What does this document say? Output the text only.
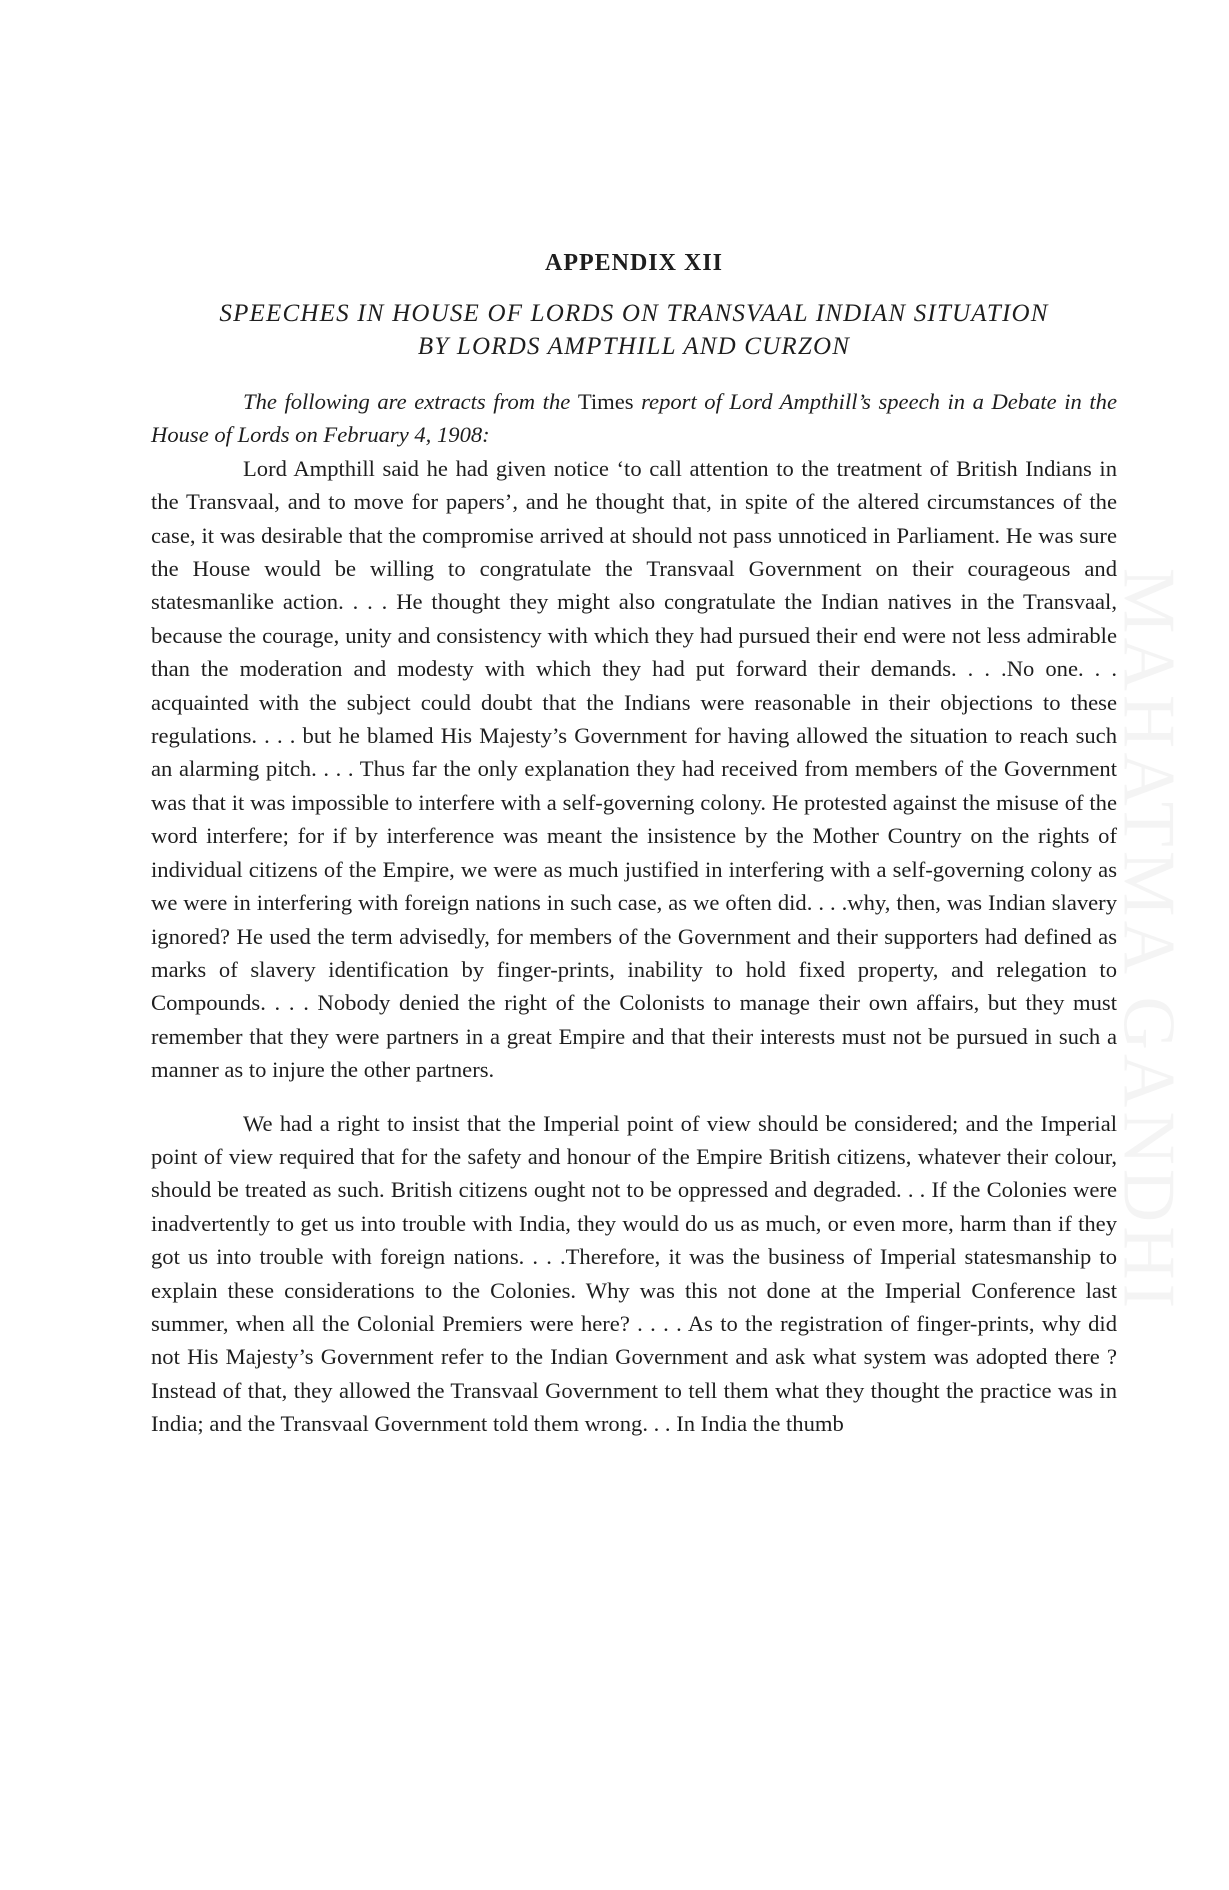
APPENDIX XII
SPEECHES IN HOUSE OF LORDS ON TRANSVAAL INDIAN SITUATION
BY LORDS AMPTHILL AND CURZON

The following are extracts from the Times report of Lord Ampthill’s speech in a Debate in the House of Lords on February 4, 1908:

Lord Ampthill said he had given notice ‘to call attention to the treatment of British Indians in the Transvaal, and to move for papers’, and he thought that, in spite of the altered circumstances of the case, it was desirable that the compromise arrived at should not pass unnoticed in Parliament. He was sure the House would be willing to congratulate the Transvaal Government on their courageous and statesmanlike action. . . . He thought they might also congratulate the Indian natives in the Transvaal, because the courage, unity and consistency with which they had pursued their end were not less admirable than the moderation and modesty with which they had put forward their demands. . . .No one. . . acquainted with the subject could doubt that the Indians were reasonable in their objections to these regulations. . . . but he blamed His Majesty’s Government for having allowed the situation to reach such an alarming pitch. . . . Thus far the only explanation they had received from members of the Government was that it was impossible to interfere with a self-governing colony. He protested against the misuse of the word interfere; for if by interference was meant the insistence by the Mother Country on the rights of individual citizens of the Empire, we were as much justified in interfering with a self-governing colony as we were in interfering with foreign nations in such case, as we often did. . . .why, then, was Indian slavery ignored? He used the term advisedly, for members of the Government and their supporters had defined as marks of slavery identification by finger-prints, inability to hold fixed property, and relegation to Compounds. . . . Nobody denied the right of the Colonists to manage their own affairs, but they must remember that they were partners in a great Empire and that their interests must not be pursued in such a manner as to injure the other partners.

We had a right to insist that the Imperial point of view should be considered; and the Imperial point of view required that for the safety and honour of the Empire British citizens, whatever their colour, should be treated as such. British citizens ought not to be oppressed and degraded. . . If the Colonies were inadvertently to get us into trouble with India, they would do us as much, or even more, harm than if they got us into trouble with foreign nations. . . .Therefore, it was the business of Imperial statesmanship to explain these considerations to the Colonies. Why was this not done at the Imperial Conference last summer, when all the Colonial Premiers were here? . . . . As to the registration of finger-prints, why did not His Majesty’s Government refer to the Indian Government and ask what system was adopted there ? Instead of that, they allowed the Transvaal Government to tell them what they thought the practice was in India; and the Transvaal Government told them wrong. . . In India the thumb
